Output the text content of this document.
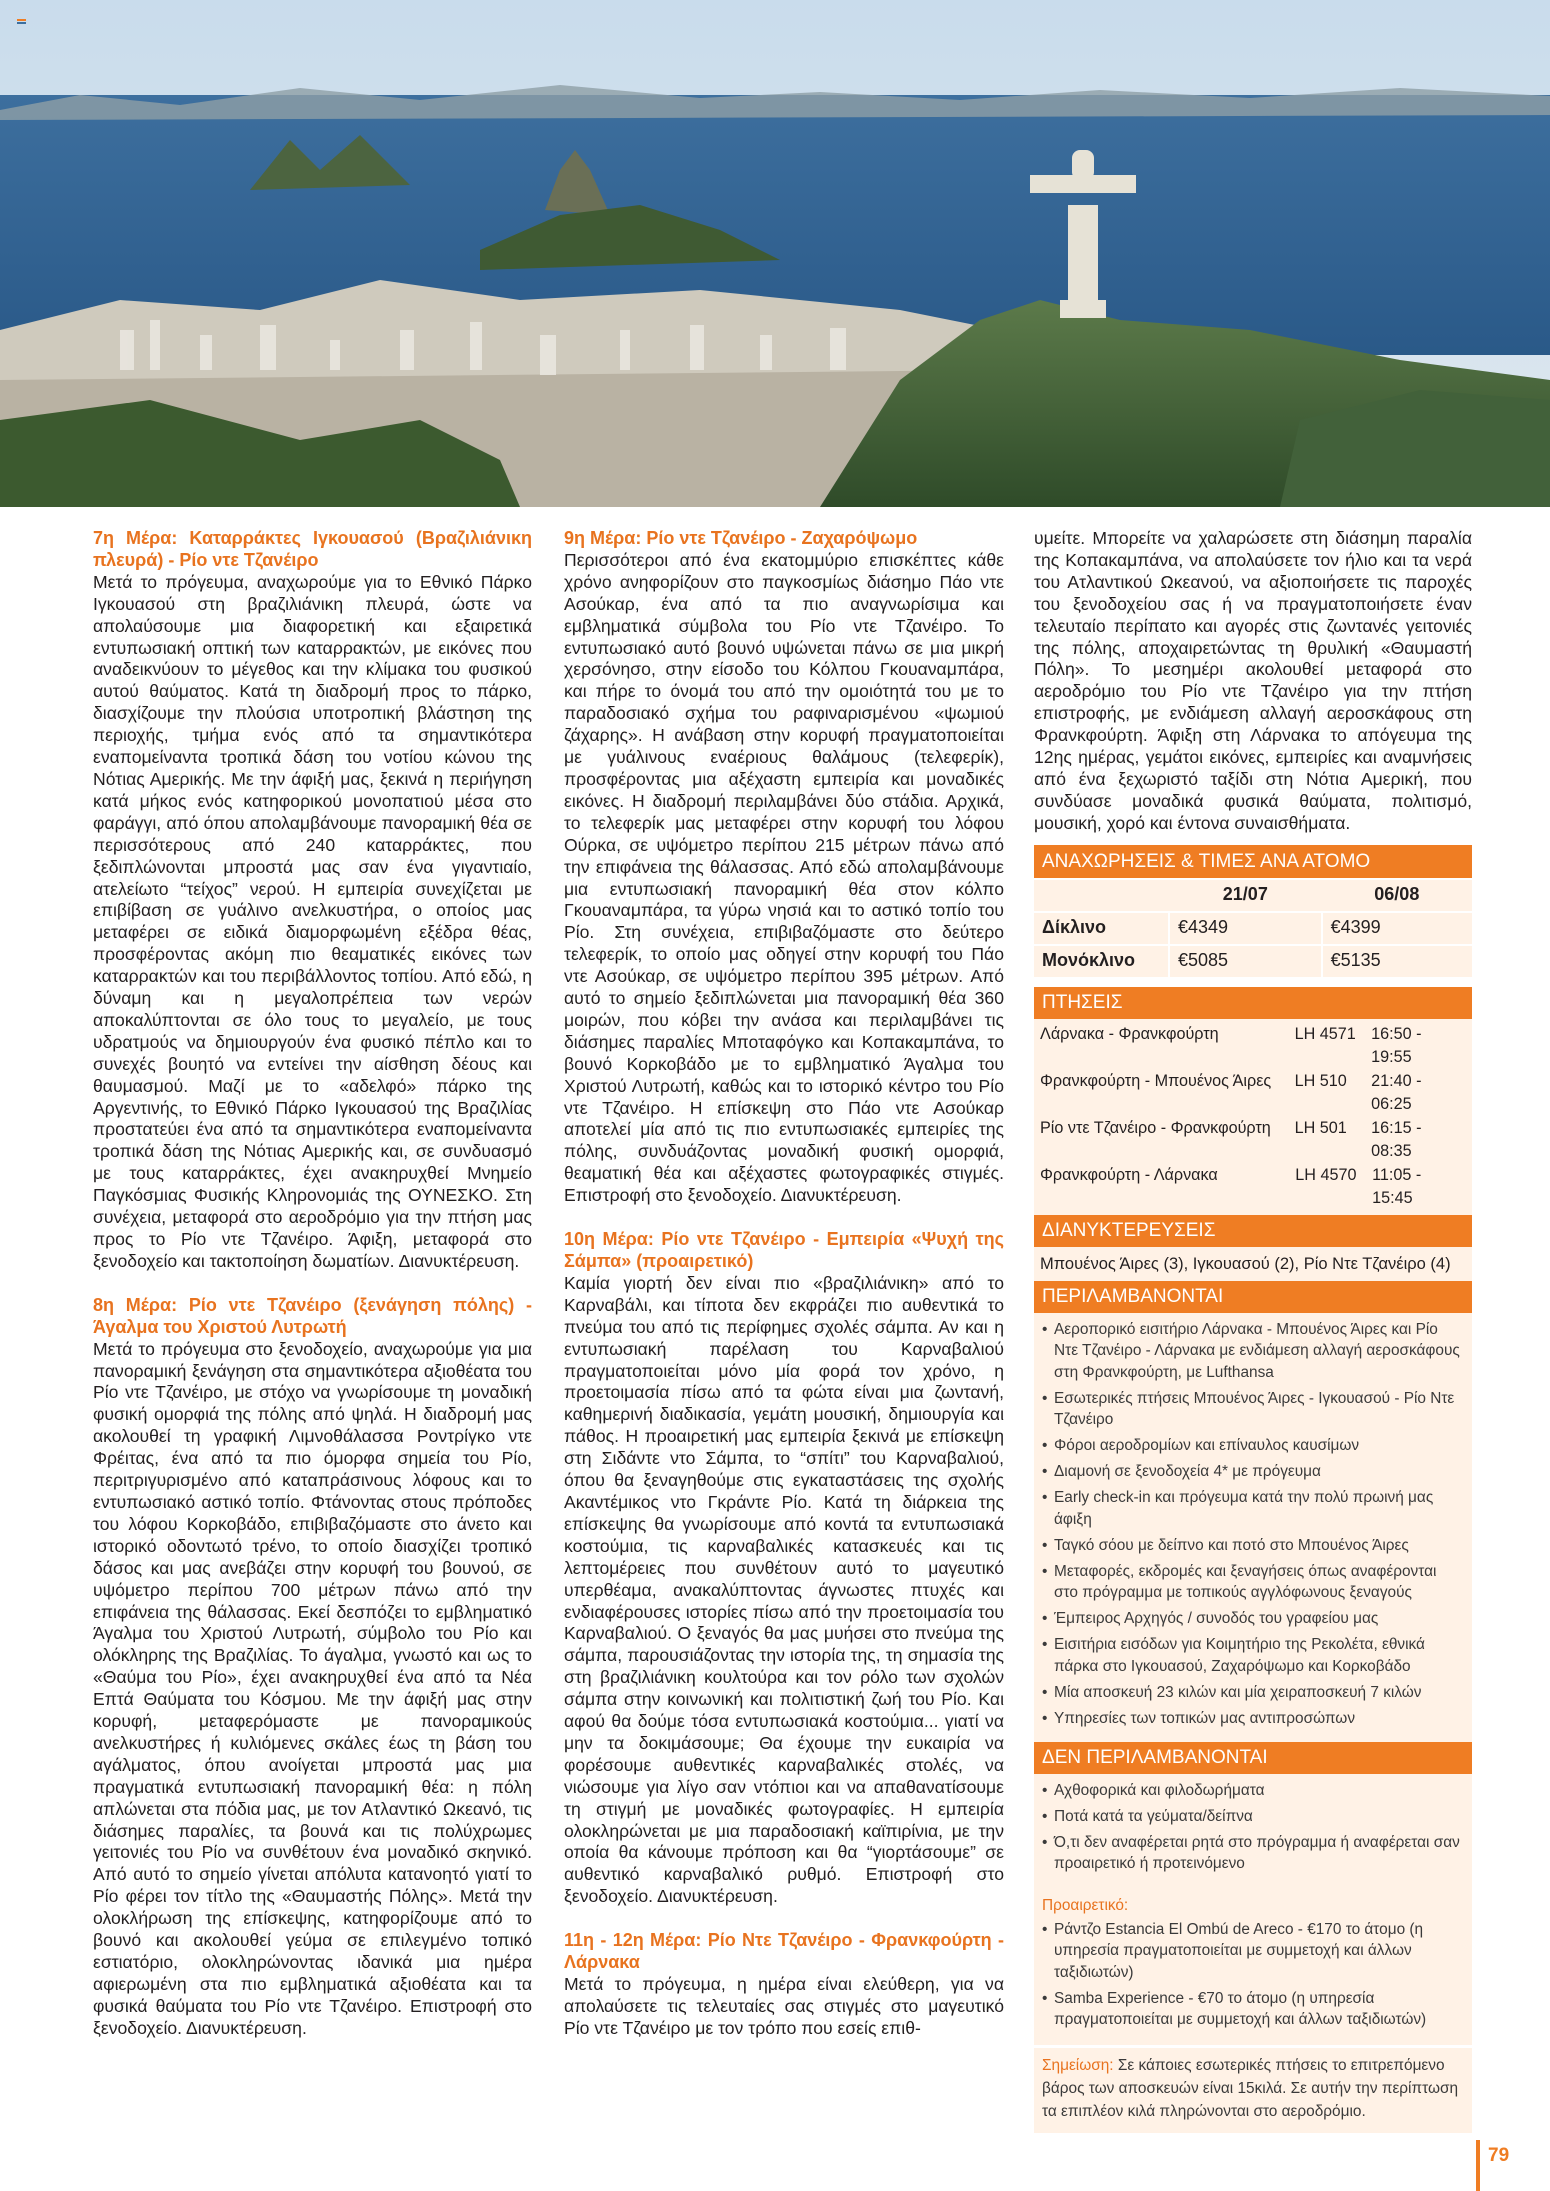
7η Μέρα: Καταρράκτες Ιγκουασού (Βραζιλιάνικη πλευρά) - Ρίο ντε Τζανέιρο

Μετά το πρόγευμα, αναχωρούμε για το Εθνικό Πάρκο Ιγκουασού στη βραζιλιάνικη πλευρά, ώστε να απολαύσουμε μια διαφορετική και εξαιρετικά εντυπωσιακή οπτική των καταρρακτών, με εικόνες που αναδεικνύουν το μέγεθος και την κλίμακα του φυσικού αυτού θαύματος. Κατά τη διαδρομή προς το πάρκο, διασχίζουμε την πλούσια υποτροπική βλάστηση της περιοχής, τμήμα ενός από τα σημαντικότερα εναπομείναντα τροπικά δάση του νοτίου κώνου της Νότιας Αμερικής. Με την άφιξή μας, ξεκινά η περιήγηση κατά μήκος ενός κατηφορικού μονοπατιού μέσα στο φαράγγι, από όπου απολαμβάνουμε πανοραμική θέα σε περισσότερους από 240 καταρράκτες, που ξεδιπλώνονται μπροστά μας σαν ένα γιγαντιαίο, ατελείωτο “τείχος” νερού. Η εμπειρία συνεχίζεται με επιβίβαση σε γυάλινο ανελκυστήρα, ο οποίος μας μεταφέρει σε ειδικά διαμορφωμένη εξέδρα θέας, προσφέροντας ακόμη πιο θεαματικές εικόνες των καταρρακτών και του περιβάλλοντος τοπίου. Από εδώ, η δύναμη και η μεγαλοπρέπεια των νερών αποκαλύπτονται σε όλο τους το μεγαλείο, με τους υδρατμούς να δημιουργούν ένα φυσικό πέπλο και το συνεχές βουητό να εντείνει την αίσθηση δέους και θαυμασμού. Μαζί με το «αδελφό» πάρκο της Αργεντινής, το Εθνικό Πάρκο Ιγκουασού της Βραζιλίας προστατεύει ένα από τα σημαντικότερα εναπομείναντα τροπικά δάση της Νότιας Αμερικής και, σε συνδυασμό με τους καταρράκτες, έχει ανακηρυχθεί Μνημείο Παγκόσμιας Φυσικής Κληρονομιάς της ΟΥΝΕΣΚΟ. Στη συνέχεια, μεταφορά στο αεροδρόμιο για την πτήση μας προς το Ρίο ντε Τζανέιρο. Άφιξη, μεταφορά στο ξενοδοχείο και τακτοποίηση δωματίων. Διανυκτέρευση.

8η Μέρα: Ρίο ντε Τζανέιρο (ξενάγηση πόλης) - Άγαλμα του Χριστού Λυτρωτή

Μετά το πρόγευμα στο ξενοδοχείο, αναχωρούμε για μια πανοραμική ξενάγηση στα σημαντικότερα αξιοθέατα του Ρίο ντε Τζανέιρο, με στόχο να γνωρίσουμε τη μοναδική φυσική ομορφιά της πόλης από ψηλά. Η διαδρομή μας ακολουθεί τη γραφική Λιμνοθάλασσα Ροντρίγκο ντε Φρέιτας, ένα από τα πιο όμορφα σημεία του Ρίο, περιτριγυρισμένο από καταπράσινους λόφους και το εντυπωσιακό αστικό τοπίο. Φτάνοντας στους πρόποδες του λόφου Κορκοβάδο, επιβιβαζόμαστε στο άνετο και ιστορικό οδοντωτό τρένο, το οποίο διασχίζει τροπικό δάσος και μας ανεβάζει στην κορυφή του βουνού, σε υψόμετρο περίπου 700 μέτρων πάνω από την επιφάνεια της θάλασσας. Εκεί δεσπόζει το εμβληματικό Άγαλμα του Χριστού Λυτρωτή, σύμβολο του Ρίο και ολόκληρης της Βραζιλίας. Το άγαλμα, γνωστό και ως το «Θαύμα του Ρίο», έχει ανακηρυχθεί ένα από τα Νέα Επτά Θαύματα του Κόσμου. Με την άφιξή μας στην κορυφή, μεταφερόμαστε με πανοραμικούς ανελκυστήρες ή κυλιόμενες σκάλες έως τη βάση του αγάλματος, όπου ανοίγεται μπροστά μας μια πραγματικά εντυπωσιακή πανοραμική θέα: η πόλη απλώνεται στα πόδια μας, με τον Ατλαντικό Ωκεανό, τις διάσημες παραλίες, τα βουνά και τις πολύχρωμες γειτονιές του Ρίο να συνθέτουν ένα μοναδικό σκηνικό. Από αυτό το σημείο γίνεται απόλυτα κατανοητό γιατί το Ρίο φέρει τον τίτλο της «Θαυμαστής Πόλης». Μετά την ολοκλήρωση της επίσκεψης, κατηφορίζουμε από το βουνό και ακολουθεί γεύμα σε επιλεγμένο τοπικό εστιατόριο, ολοκληρώνοντας ιδανικά μια ημέρα αφιερωμένη στα πιο εμβληματικά αξιοθέατα και τα φυσικά θαύματα του Ρίο ντε Τζανέιρο. Επιστροφή στο ξενοδοχείο. Διανυκτέρευση.

9η Μέρα: Ρίο ντε Τζανέιρο - Ζαχαρόψωμο

Περισσότεροι από ένα εκατομμύριο επισκέπτες κάθε χρόνο ανηφορίζουν στο παγκοσμίως διάσημο Πάο ντε Ασούκαρ, ένα από τα πιο αναγνωρίσιμα και εμβληματικά σύμβολα του Ρίο ντε Τζανέιρο. Το εντυπωσιακό αυτό βουνό υψώνεται πάνω σε μια μικρή χερσόνησο, στην είσοδο του Κόλπου Γκουαναμπάρα, και πήρε το όνομά του από την ομοιότητά του με το παραδοσιακό σχήμα του ραφιναρισμένου «ψωμιού ζάχαρης». Η ανάβαση στην κορυφή πραγματοποιείται με γυάλινους εναέριους θαλάμους (τελεφερίκ), προσφέροντας μια αξέχαστη εμπειρία και μοναδικές εικόνες. Η διαδρομή περιλαμβάνει δύο στάδια. Αρχικά, το τελεφερίκ μας μεταφέρει στην κορυφή του λόφου Ούρκα, σε υψόμετρο περίπου 215 μέτρων πάνω από την επιφάνεια της θάλασσας. Από εδώ απολαμβάνουμε μια εντυπωσιακή πανοραμική θέα στον κόλπο Γκουαναμπάρα, τα γύρω νησιά και το αστικό τοπίο του Ρίο. Στη συνέχεια, επιβιβαζόμαστε στο δεύτερο τελεφερίκ, το οποίο μας οδηγεί στην κορυφή του Πάο ντε Ασούκαρ, σε υψόμετρο περίπου 395 μέτρων. Από αυτό το σημείο ξεδιπλώνεται μια πανοραμική θέα 360 μοιρών, που κόβει την ανάσα και περιλαμβάνει τις διάσημες παραλίες Μποταφόγκο και Κοπακαμπάνα, το βουνό Κορκοβάδο με το εμβληματικό Άγαλμα του Χριστού Λυτρωτή, καθώς και το ιστορικό κέντρο του Ρίο ντε Τζανέιρο. Η επίσκεψη στο Πάο ντε Ασούκαρ αποτελεί μία από τις πιο εντυπωσιακές εμπειρίες της πόλης, συνδυάζοντας μοναδική φυσική ομορφιά, θεαματική θέα και αξέχαστες φωτογραφικές στιγμές. Επιστροφή στο ξενοδοχείο. Διανυκτέρευση.

10η Μέρα: Ρίο ντε Τζανέιρο - Εμπειρία «Ψυχή της Σάμπα» (προαιρετικό)

Καμία γιορτή δεν είναι πιο «βραζιλιάνικη» από το Καρναβάλι, και τίποτα δεν εκφράζει πιο αυθεντικά το πνεύμα του από τις περίφημες σχολές σάμπα. Αν και η εντυπωσιακή παρέλαση του Καρναβαλιού πραγματοποιείται μόνο μία φορά τον χρόνο, η προετοιμασία πίσω από τα φώτα είναι μια ζωντανή, καθημερινή διαδικασία, γεμάτη μουσική, δημιουργία και πάθος. Η προαιρετική μας εμπειρία ξεκινά με επίσκεψη στη Σιδάντε ντο Σάμπα, το “σπίτι” του Καρναβαλιού, όπου θα ξεναγηθούμε στις εγκαταστάσεις της σχολής Ακαντέμικος ντο Γκράντε Ρίο. Κατά τη διάρκεια της επίσκεψης θα γνωρίσουμε από κοντά τα εντυπωσιακά κοστούμια, τις καρναβαλικές κατασκευές και τις λεπτομέρειες που συνθέτουν αυτό το μαγευτικό υπερθέαμα, ανακαλύπτοντας άγνωστες πτυχές και ενδιαφέρουσες ιστορίες πίσω από την προετοιμασία του Καρναβαλιού. Ο ξεναγός θα μας μυήσει στο πνεύμα της σάμπα, παρουσιάζοντας την ιστορία της, τη σημασία της στη βραζιλιάνικη κουλτούρα και τον ρόλο των σχολών σάμπα στην κοινωνική και πολιτιστική ζωή του Ρίο. Και αφού θα δούμε τόσα εντυπωσιακά κοστούμια... γιατί να μην τα δοκιμάσουμε; Θα έχουμε την ευκαιρία να φορέσουμε αυθεντικές καρναβαλικές στολές, να νιώσουμε για λίγο σαν ντόπιοι και να απαθανατίσουμε τη στιγμή με μοναδικές φωτογραφίες. Η εμπειρία ολοκληρώνεται με μια παραδοσιακή καϊπιρίνια, με την οποία θα κάνουμε πρόποση και θα “γιορτάσουμε” σε αυθεντικό καρναβαλικό ρυθμό. Επιστροφή στο ξενοδοχείο. Διανυκτέρευση.

11η - 12η Μέρα: Ρίο Ντε Τζανέιρο - Φρανκφούρτη - Λάρνακα

Μετά το πρόγευμα, η ημέρα είναι ελεύθερη, για να απολαύσετε τις τελευταίες σας στιγμές στο μαγευτικό Ρίο ντε Τζανέιρο με τον τρόπο που εσείς επιθ-

υμείτε. Μπορείτε να χαλαρώσετε στη διάσημη παραλία της Κοπακαμπάνα, να απολαύσετε τον ήλιο και τα νερά του Ατλαντικού Ωκεανού, να αξιοποιήσετε τις παροχές του ξενοδοχείου σας ή να πραγματοποιήσετε έναν τελευταίο περίπατο και αγορές στις ζωντανές γειτονιές της πόλης, αποχαιρετώντας τη θρυλική «Θαυμαστή Πόλη». Το μεσημέρι ακολουθεί μεταφορά στο αεροδρόμιο του Ρίο ντε Τζανέιρο για την πτήση επιστροφής, με ενδιάμεση αλλαγή αεροσκάφους στη Φρανκφούρτη. Άφιξη στη Λάρνακα το απόγευμα της 12ης ημέρας, γεμάτοι εικόνες, εμπειρίες και αναμνήσεις από ένα ξεχωριστό ταξίδι στη Νότια Αμερική, που συνδύασε μοναδικά φυσικά θαύματα, πολιτισμό, μουσική, χορό και έντονα συναισθήματα.

ΑΝΑΧΩΡΗΣΕΙΣ & ΤΙΜΕΣ ΑΝΑ ΑΤΟΜΟ
	21/07	06/08
Δίκλινο	€4349	€4399
Μονόκλινο	€5085	€5135
ΠΤΗΣΕΙΣ
Λάρνακα - Φρανκφούρτη	LH 4571 16:50 - 19:55
Φρανκφούρτη - Μπουένος Άιρες	LH 510	21:40 - 06:25
Ρίο ντε Τζανέιρο - Φρανκφούρτη	LH 501	16:15 - 08:35
Φρανκφούρτη - Λάρνακα	LH 4570 11:05 - 15:45
ΔΙΑΝΥΚΤΕΡΕΥΣΕΙΣ
Μπουένος Άιρες (3), Ιγκουασού (2), Ρίο Ντε Τζανέιρο (4)
ΠΕΡΙΛΑΜΒΑΝΟΝΤΑΙ
• Αεροπορικό εισιτήριο Λάρνακα - Μπουένος Άιρες και Ρίο Ντε Τζανέιρο - Λάρνακα με ενδιάμεση αλλαγή αεροσκάφους στη Φρανκφούρτη, με Lufthansa
• Εσωτερικές πτήσεις Μπουένος Άιρες - Ιγκουασού - Ρίο Ντε Τζανέιρο
• Φόροι αεροδρομίων και επίναυλος καυσίμων
• Διαμονή σε ξενοδοχεία 4* με πρόγευμα
• Early check-in και πρόγευμα κατά την πολύ πρωινή μας άφιξη
• Ταγκό σόου με δείπνο και ποτό στο Μπουένος Άιρες
• Μεταφορές, εκδρομές και ξεναγήσεις όπως αναφέρονται στο πρόγραμμα με τοπικούς αγγλόφωνους ξεναγούς
• Έμπειρος Αρχηγός / συνοδός του γραφείου μας
• Εισιτήρια εισόδων για Κοιμητήριο της Ρεκολέτα, εθνικά πάρκα στο Ιγκουασού, Ζαχαρόψωμο και Κορκοβάδο
• Μία αποσκευή 23 κιλών και μία χειραποσκευή 7 κιλών
• Υπηρεσίες των τοπικών μας αντιπροσώπων
ΔΕΝ ΠΕΡΙΛΑΜΒΑΝΟΝΤΑΙ
• Αχθοφορικά και φιλοδωρήματα
• Ποτά κατά τα γεύματα/δείπνα
• Ό,τι δεν αναφέρεται ρητά στο πρόγραμμα ή αναφέρεται σαν προαιρετικό ή προτεινόμενο

Προαιρετικό:

• Ράντζο Estancia El Ombú de Areco - €170 το άτομο (η υπηρεσία πραγματοποιείται με συμμετοχή και άλλων ταξιδιωτών)
• Samba Experience - €70 το άτομο (η υπηρεσία πραγματοποιείται με συμμετοχή και άλλων ταξιδιωτών)
Σημείωση: Σε κάποιες εσωτερικές πτήσεις το επιτρεπόμενο βάρος των αποσκευών είναι 15κιλά. Σε αυτήν την περίπτωση τα επιπλέον κιλά πληρώνονται στο αεροδρόμιο.
79
